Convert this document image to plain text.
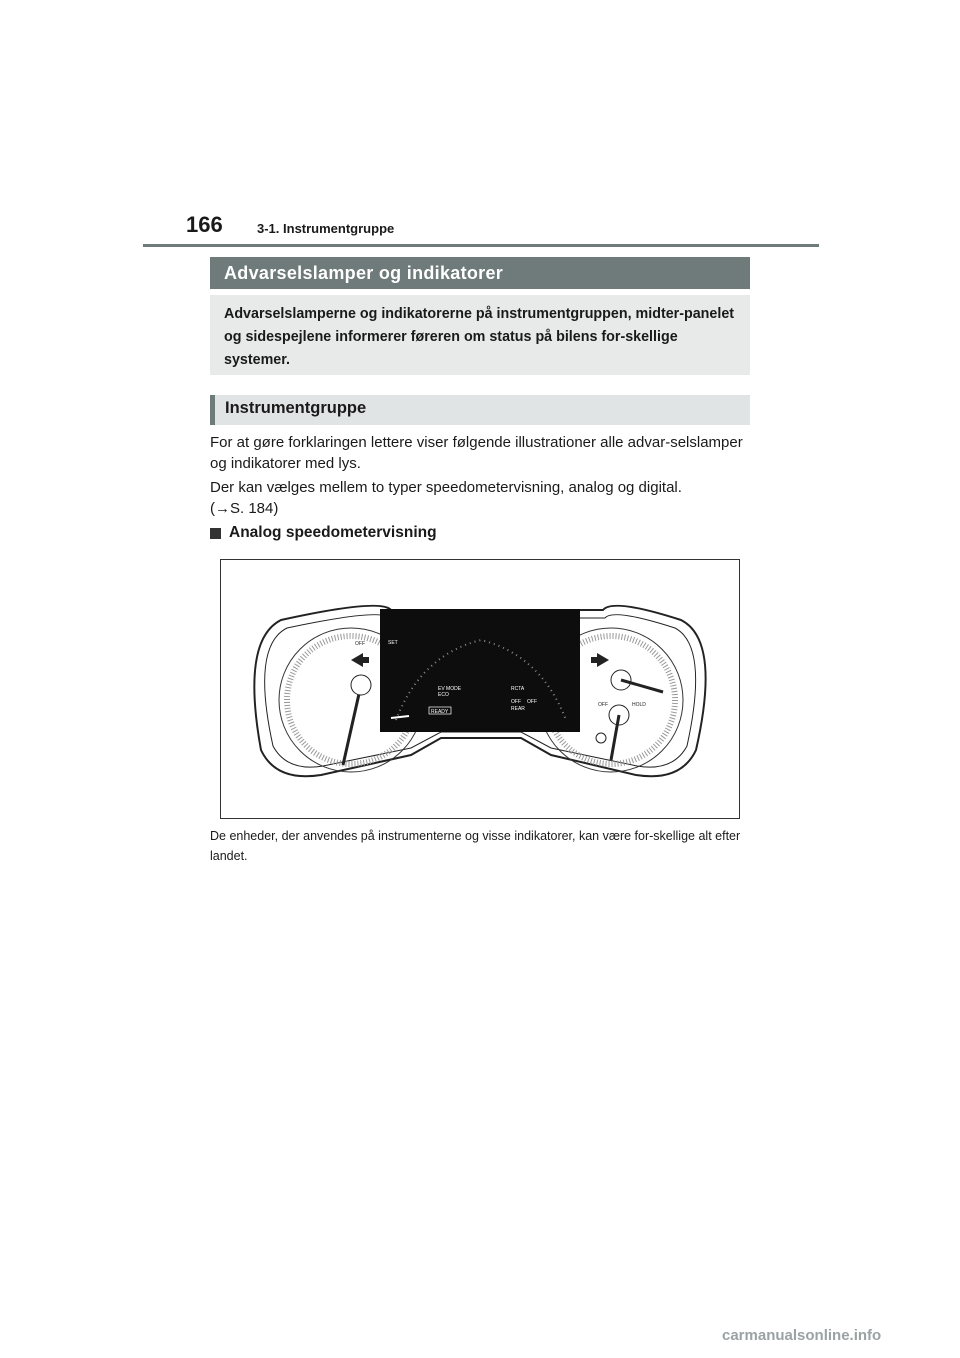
166	3-1. Instrumentgruppe
Advarselslamper og indikatorer
Advarselslamperne og indikatorerne på instrumentgruppen, midter-panelet og sidespejlene informerer føreren om status på bilens for-skellige systemer.
Instrumentgruppe
For at gøre forklaringen lettere viser følgende illustrationer alle advar-selslamper og indikatorer med lys.
Der kan vælges mellem to typer speedometervisning, analog og digital.
(→S. 184)
Analog speedometervisning
SET
EV MODE
ECO
READY
RCTA
OFF OFF
REAR
OFF
OFF	HOLD
De enheder, der anvendes på instrumenterne og visse indikatorer, kan være for-skellige alt efter landet.
carmanualsonline.info
